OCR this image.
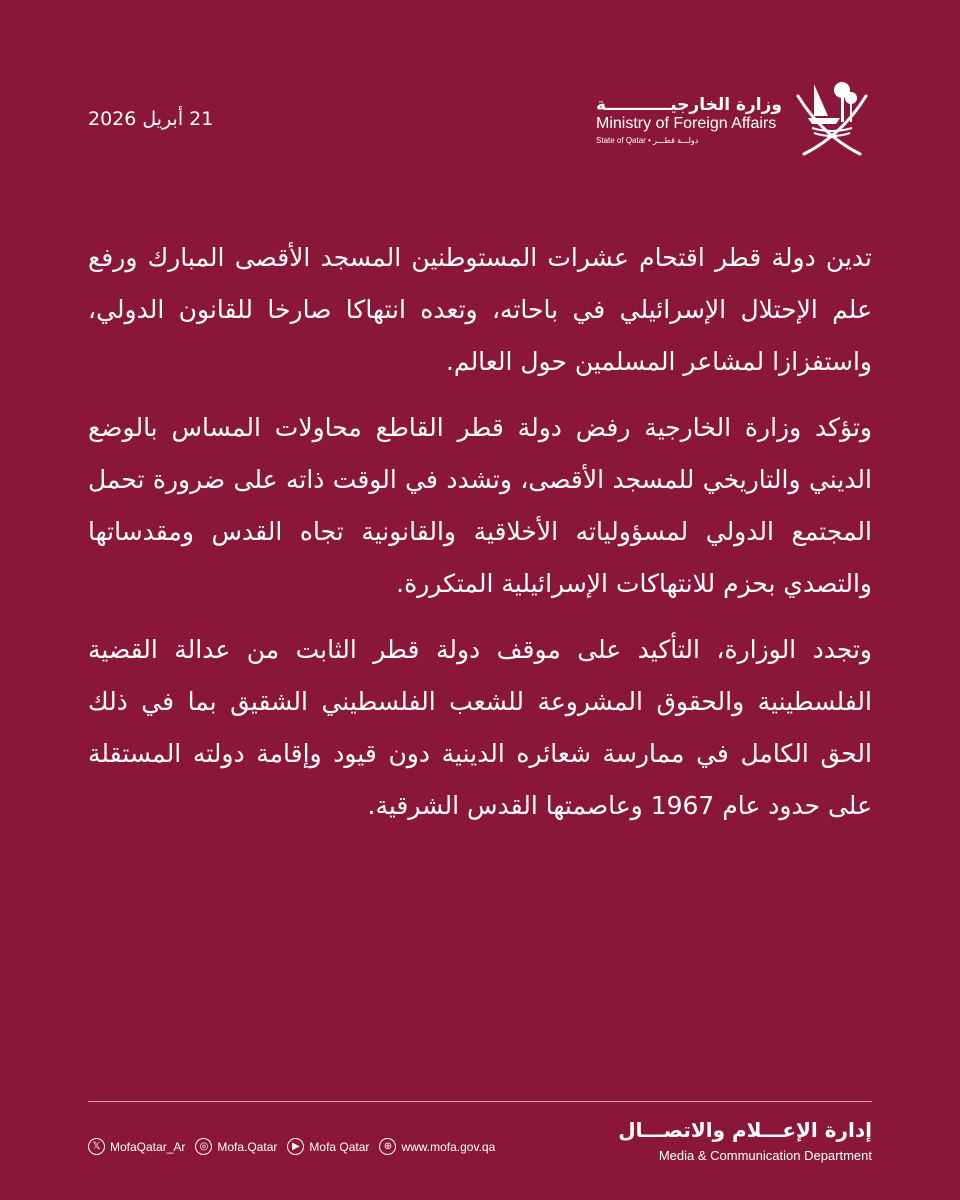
21 أبريل 2026
وزارة الخارجيـــــــــــة
Ministry of Foreign Affairs
State of Qatar • دولـــة قطـــر
تدين دولة قطر اقتحام عشرات المستوطنين المسجد الأقصى المبارك ورفع
علم الإحتلال الإسرائيلي في باحاته، وتعده انتهاكا صارخا للقانون الدولي،
واستفزازا لمشاعر المسلمين حول العالم.
وتؤكد وزارة الخارجية رفض دولة قطر القاطع محاولات المساس بالوضع
الديني والتاريخي للمسجد الأقصى، وتشدد في الوقت ذاته على ضرورة تحمل
المجتمع الدولي لمسؤولياته الأخلاقية والقانونية تجاه القدس ومقدساتها
والتصدي بحزم للانتهاكات الإسرائيلية المتكررة.
وتجدد الوزارة، التأكيد على موقف دولة قطر الثابت من عدالة القضية
الفلسطينية والحقوق المشروعة للشعب الفلسطيني الشقيق بما في ذلك
الحق الكامل في ممارسة شعائره الدينية دون قيود وإقامة دولته المستقلة
على حدود عام 1967 وعاصمتها القدس الشرقية.
𝕏 MofaQatar_Ar	◎ Mofa.Qatar	▶ Mofa Qatar	⊕ www.mofa.gov.qa
إدارة الإعـــلام والاتصـــال
Media & Communication Department
